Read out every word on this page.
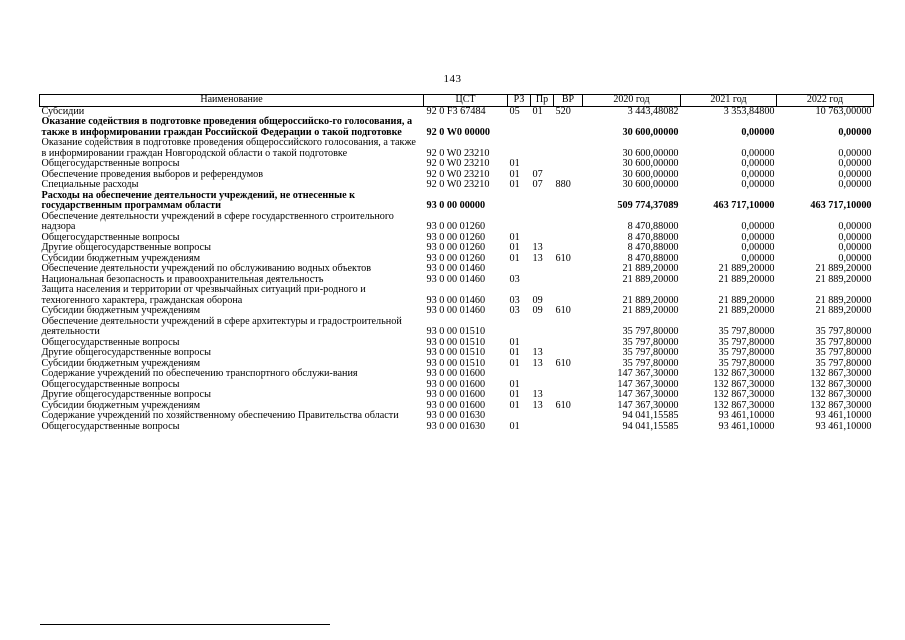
143
Наименование	ЦСТ	РЗ	Пр	ВР	2020 год	2021 год	2022 год
Субсидии	92 0 F3 67484	05	01	520	3 443,48082	3 353,84800	10 763,00000
Оказание содействия в подготовке проведения общероссийско-го голосования, а также в информировании граждан Российской Федерации о такой подготовке	92 0 W0 00000				30 600,00000	0,00000	0,00000
Оказание содействия в подготовке проведения общероссийского голосования, а также в информировании граждан Новгородской области о такой подготовке	92 0 W0 23210				30 600,00000	0,00000	0,00000
Общегосударственные вопросы	92 0 W0 23210	01			30 600,00000	0,00000	0,00000
Обеспечение проведения выборов и референдумов	92 0 W0 23210	01	07		30 600,00000	0,00000	0,00000
Специальные расходы	92 0 W0 23210	01	07	880	30 600,00000	0,00000	0,00000
Расходы на обеспечение деятельности учреждений, не отнесенные к государственным программам области	93 0 00 00000				509 774,37089	463 717,10000	463 717,10000
Обеспечение деятельности учреждений в сфере государственного строительного надзора	93 0 00 01260				8 470,88000	0,00000	0,00000
Общегосударственные вопросы	93 0 00 01260	01			8 470,88000	0,00000	0,00000
Другие общегосударственные вопросы	93 0 00 01260	01	13		8 470,88000	0,00000	0,00000
Субсидии бюджетным учреждениям	93 0 00 01260	01	13	610	8 470,88000	0,00000	0,00000
Обеспечение деятельности учреждений по обслуживанию водных объектов	93 0 00 01460				21 889,20000	21 889,20000	21 889,20000
Национальная безопасность и правоохранительная деятельность	93 0 00 01460	03			21 889,20000	21 889,20000	21 889,20000
Защита населения и территории от чрезвычайных ситуаций при-родного и техногенного характера, гражданская оборона	93 0 00 01460	03	09		21 889,20000	21 889,20000	21 889,20000
Субсидии бюджетным учреждениям	93 0 00 01460	03	09	610	21 889,20000	21 889,20000	21 889,20000
Обеспечение деятельности учреждений в сфере архитектуры и градостроительной деятельности	93 0 00 01510				35 797,80000	35 797,80000	35 797,80000
Общегосударственные вопросы	93 0 00 01510	01			35 797,80000	35 797,80000	35 797,80000
Другие общегосударственные вопросы	93 0 00 01510	01	13		35 797,80000	35 797,80000	35 797,80000
Субсидии бюджетным учреждениям	93 0 00 01510	01	13	610	35 797,80000	35 797,80000	35 797,80000
Содержание учреждений по обеспечению транспортного обслужи-вания	93 0 00 01600				147 367,30000	132 867,30000	132 867,30000
Общегосударственные вопросы	93 0 00 01600	01			147 367,30000	132 867,30000	132 867,30000
Другие общегосударственные вопросы	93 0 00 01600	01	13		147 367,30000	132 867,30000	132 867,30000
Субсидии бюджетным учреждениям	93 0 00 01600	01	13	610	147 367,30000	132 867,30000	132 867,30000
Содержание учреждений по хозяйственному обеспечению Правительства области	93 0 00 01630				94 041,15585	93 461,10000	93 461,10000
Общегосударственные вопросы	93 0 00 01630	01			94 041,15585	93 461,10000	93 461,10000
